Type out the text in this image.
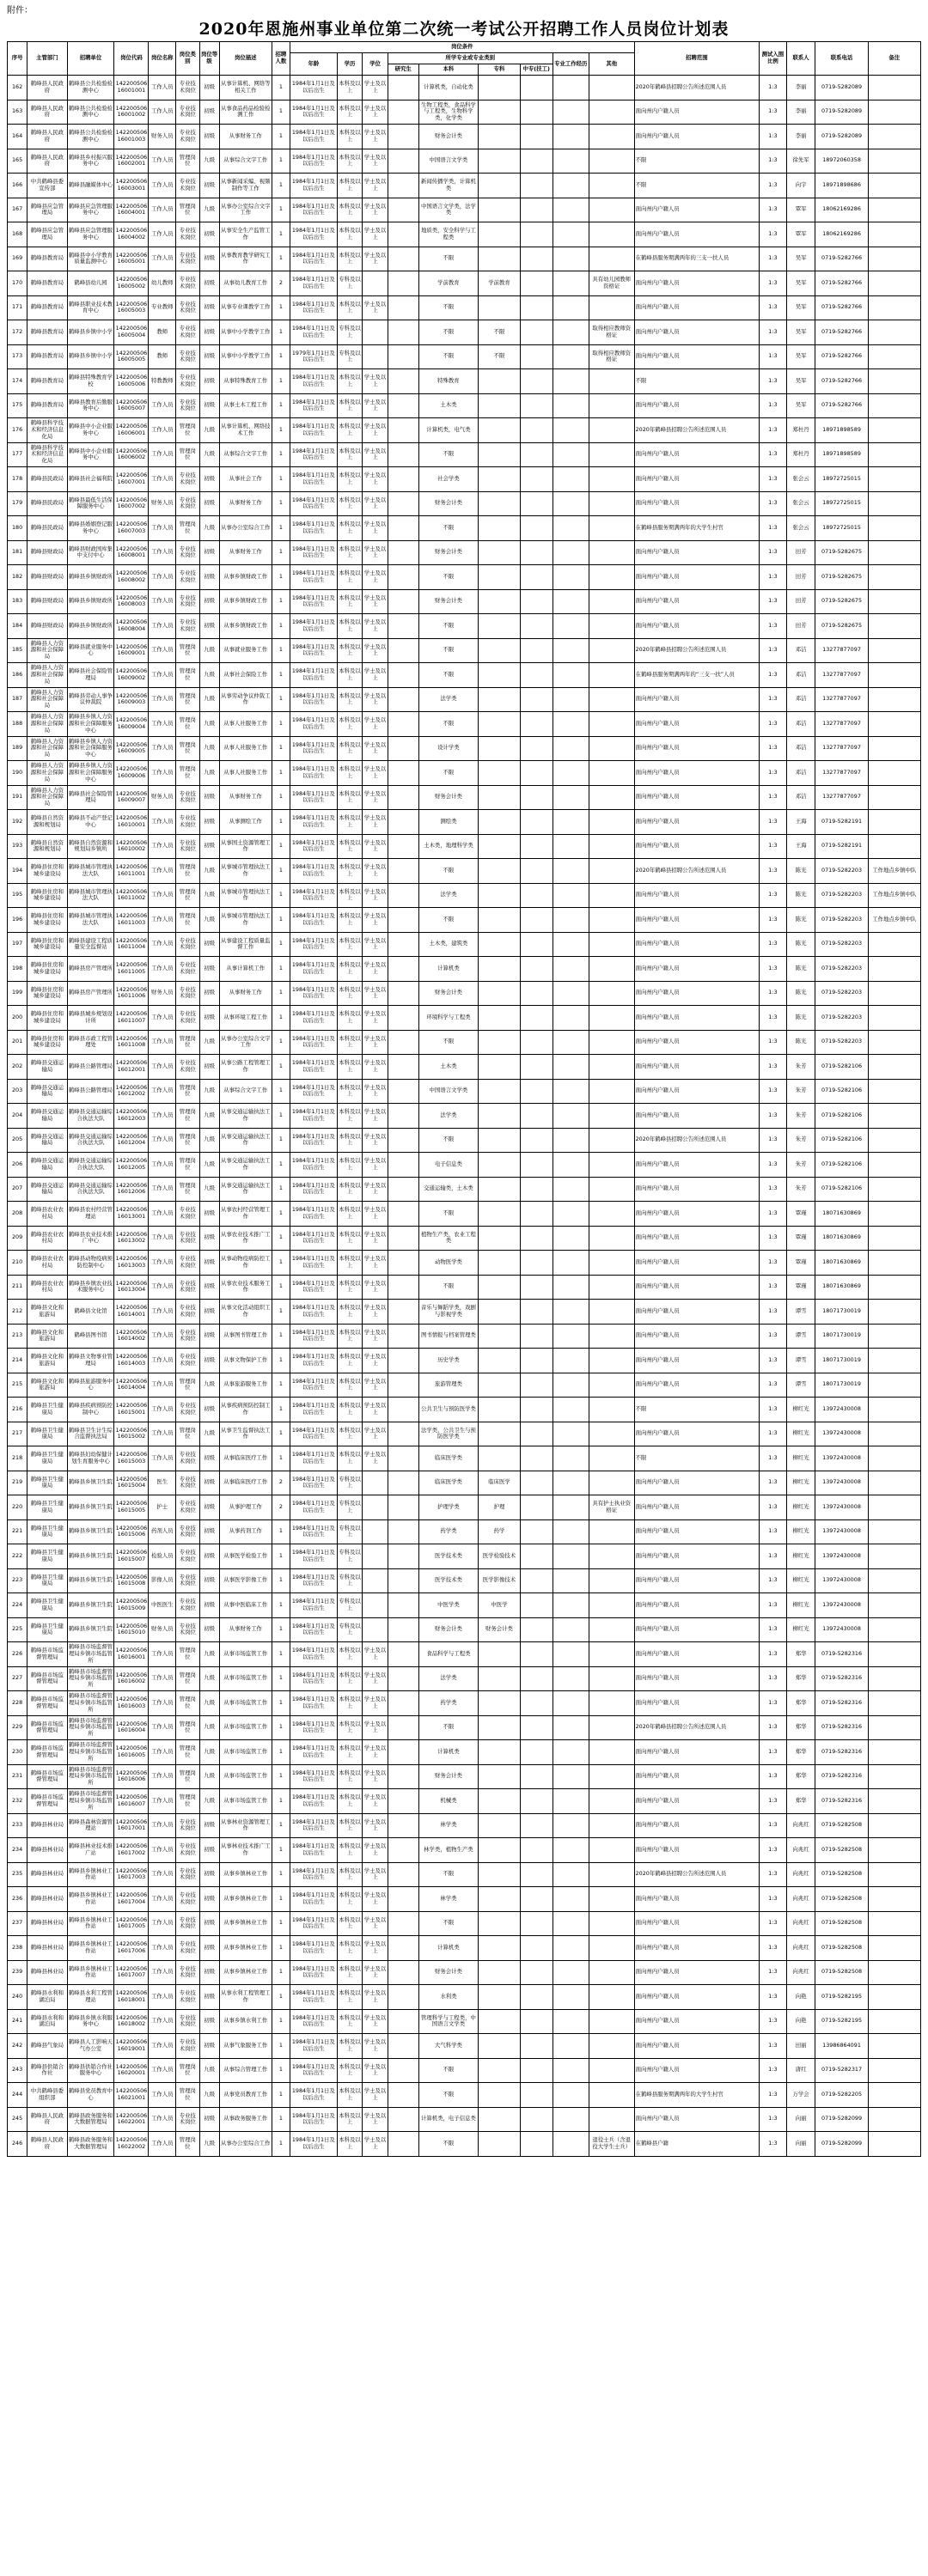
附件：
2020年恩施州事业单位第二次统一考试公开招聘工作人员岗位计划表
序号	主管部门	招聘单位	岗位代码	岗位名称	岗位类别	岗位等级	岗位描述	招聘人数	岗位条件									招聘范围	测试入围比例	联系人	联系电话	备注
									年龄	学历	学位	所学专业或专业类别				专业工作经历	其他					
												研究生	本科	专科	中专(技工)							
162	鹤峰县人民政府	鹤峰县公共检验检测中心	14220050616001001	工作人员	专业技术岗位	初级	从事计算机、网络等相关工作	1	1984年1月1日及以后出生	本科及以上	学士及以上		计算机类，自动化类					2020年鹤峰县招聘公告所述范围人员	1:3	李丽	0719-5282089	
163	鹤峰县人民政府	鹤峰县公共检验检测中心	14220050616001002	工作人员	专业技术岗位	初级	从事食品药品检验检测工作	1	1984年1月1日及以后出生	本科及以上	学士及以上		生物工程类，食品科学与工程类，生物科学类，化学类					面向州内户籍人员	1:3	李丽	0719-5282089	
164	鹤峰县人民政府	鹤峰县公共检验检测中心	14220050616001003	财务人员	专业技术岗位	初级	从事财务工作	1	1984年1月1日及以后出生	本科及以上	学士及以上		财务会计类					面向州内户籍人员	1:3	李丽	0719-5282089	
165	鹤峰县人民政府	鹤峰县乡村振兴服务中心	14220050616002001	工作人员	管理岗位	九级	从事综合文字工作	1	1984年1月1日及以后出生	本科及以上	学士及以上		中国语言文学类					不限	1:3	徐先军	18972060358	
166	中共鹤峰县委宣传部	鹤峰县融媒体中心	14220050616003001	工作人员	专业技术岗位	初级	从事新闻采编、视频制作等工作	1	1984年1月1日及以后出生	本科及以上	学士及以上		新闻传播学类，计算机类					不限	1:3	向宇	18971898686	
167	鹤峰县应急管理局	鹤峰县应急管理服务中心	14220050616004001	工作人员	管理岗位	九级	从事办公室综合文字工作	1	1984年1月1日及以后出生	本科及以上	学士及以上		中国语言文学类，法学类					面向州内户籍人员	1:3	覃军	18062169286	
168	鹤峰县应急管理局	鹤峰县应急管理服务中心	14220050616004002	工作人员	专业技术岗位	初级	从事安全生产监管工作	1	1984年1月1日及以后出生	本科及以上	学士及以上		地质类，安全科学与工程类					面向州内户籍人员	1:3	覃军	18062169286	
169	鹤峰县教育局	鹤峰县中小学教育质量监测中心	14220050616005001	工作人员	专业技术岗位	初级	从事教育教学研究工作	1	1984年1月1日及以后出生	本科及以上	学士及以上		不限					在鹤峰县服务期满两年的三支一扶人员	1:3	吴军	0719-5282766	
170	鹤峰县教育局	鹤峰县幼儿园	14220050616005002	幼儿教师	专业技术岗位	初级	从事幼儿教育工作	2	1984年1月1日及以后出生	专科及以上			学前教育	学前教育			具有幼儿园教师资格证	面向州内户籍人员	1:3	吴军	0719-5282766	
171	鹤峰县教育局	鹤峰县职业技术教育中心	14220050616005003	专业教师	专业技术岗位	初级	从事专业课教学工作	1	1984年1月1日及以后出生	本科及以上	学士及以上		不限					面向州内户籍人员	1:3	吴军	0719-5282766	
172	鹤峰县教育局	鹤峰县乡镇中小学	14220050616005004	教师	专业技术岗位	初级	从事中小学教学工作	1	1984年1月1日及以后出生	专科及以上			不限	不限			取得相应教师资格证	面向州内户籍人员	1:3	吴军	0719-5282766	
173	鹤峰县教育局	鹤峰县乡镇中小学	14220050616005005	教师	专业技术岗位	初级	从事中小学教学工作	1	1979年1月1日及以后出生	专科及以上			不限	不限			取得相应教师资格证	面向州内户籍人员	1:3	吴军	0719-5282766	
174	鹤峰县教育局	鹤峰县特殊教育学校	14220050616005006	特教教师	专业技术岗位	初级	从事特殊教育工作	1	1984年1月1日及以后出生	本科及以上	学士及以上		特殊教育					不限	1:3	吴军	0719-5282766	
175	鹤峰县教育局	鹤峰县教育后勤服务中心	14220050616005007	工作人员	专业技术岗位	初级	从事土木工程工作	1	1984年1月1日及以后出生	本科及以上	学士及以上		土木类					面向州内户籍人员	1:3	吴军	0719-5282766	
176	鹤峰县科学技术和经济信息化局	鹤峰县中小企业服务中心	14220050616006001	工作人员	管理岗位	九级	从事计算机、网络技术工作	1	1984年1月1日及以后出生	本科及以上	学士及以上		计算机类，电气类					2020年鹤峰县招聘公告所述范围人员	1:3	郑杜丹	18971898589	
177	鹤峰县科学技术和经济信息化局	鹤峰县中小企业服务中心	14220050616006002	工作人员	管理岗位	九级	从事综合文字工作	1	1984年1月1日及以后出生	本科及以上	学士及以上		不限					面向州内户籍人员	1:3	郑杜丹	18971898589	
178	鹤峰县民政局	鹤峰县社会福利院	14220050616007001	工作人员	专业技术岗位	初级	从事社会工作	1	1984年1月1日及以后出生	本科及以上	学士及以上		社会学类					面向州内户籍人员	1:3	张会云	18972725015	
179	鹤峰县民政局	鹤峰县最低生活保障服务中心	14220050616007002	财务人员	专业技术岗位	初级	从事财务工作	1	1984年1月1日及以后出生	本科及以上	学士及以上		财务会计类					面向州内户籍人员	1:3	张会云	18972725015	
180	鹤峰县民政局	鹤峰县婚姻登记服务中心	14220050616007003	工作人员	管理岗位	九级	从事办公室综合工作	1	1984年1月1日及以后出生	本科及以上	学士及以上		不限					在鹤峰县服务期满两年的大学生村官	1:3	张会云	18972725015	
181	鹤峰县财政局	鹤峰县财政国库集中支付中心	14220050616008001	工作人员	专业技术岗位	初级	从事财务工作	1	1984年1月1日及以后出生	本科及以上	学士及以上		财务会计类					面向州内户籍人员	1:3	田芳	0719-5282675	
182	鹤峰县财政局	鹤峰县乡镇财政所	14220050616008002	工作人员	专业技术岗位	初级	从事乡镇财政工作	1	1984年1月1日及以后出生	本科及以上	学士及以上		不限					面向州内户籍人员	1:3	田芳	0719-5282675	
183	鹤峰县财政局	鹤峰县乡镇财政所	14220050616008003	工作人员	专业技术岗位	初级	从事乡镇财政工作	1	1984年1月1日及以后出生	本科及以上	学士及以上		财务会计类					面向州内户籍人员	1:3	田芳	0719-5282675	
184	鹤峰县财政局	鹤峰县乡镇财政所	14220050616008004	工作人员	专业技术岗位	初级	从事乡镇财政工作	1	1984年1月1日及以后出生	本科及以上	学士及以上		不限					面向州内户籍人员	1:3	田芳	0719-5282675	
185	鹤峰县人力资源和社会保障局	鹤峰县就业服务中心	14220050616009001	工作人员	管理岗位	九级	从事就业服务工作	1	1984年1月1日及以后出生	本科及以上	学士及以上		不限					2020年鹤峰县招聘公告所述范围人员	1:3	邓洁	13277877097	
186	鹤峰县人力资源和社会保障局	鹤峰县社会保险管理局	14220050616009002	工作人员	管理岗位	九级	从事社会保险工作	1	1984年1月1日及以后出生	本科及以上	学士及以上		不限					在鹤峰县服务期满两年的“三支一扶”人员	1:3	邓洁	13277877097	
187	鹤峰县人力资源和社会保障局	鹤峰县劳动人事争议仲裁院	14220050616009003	工作人员	管理岗位	九级	从事劳动争议仲裁工作	1	1984年1月1日及以后出生	本科及以上	学士及以上		法学类					面向州内户籍人员	1:3	邓洁	13277877097	
188	鹤峰县人力资源和社会保障局	鹤峰县乡镇人力资源和社会保障服务中心	14220050616009004	工作人员	管理岗位	九级	从事人社服务工作	1	1984年1月1日及以后出生	本科及以上	学士及以上		不限					面向州内户籍人员	1:3	邓洁	13277877097	
189	鹤峰县人力资源和社会保障局	鹤峰县乡镇人力资源和社会保障服务中心	14220050616009005	工作人员	管理岗位	九级	从事人社服务工作	1	1984年1月1日及以后出生	本科及以上	学士及以上		设计学类					面向州内户籍人员	1:3	邓洁	13277877097	
190	鹤峰县人力资源和社会保障局	鹤峰县乡镇人力资源和社会保障服务中心	14220050616009006	工作人员	管理岗位	九级	从事人社服务工作	1	1984年1月1日及以后出生	本科及以上	学士及以上		不限					面向州内户籍人员	1:3	邓洁	13277877097	
191	鹤峰县人力资源和社会保障局	鹤峰县社会保险管理局	14220050616009007	财务人员	专业技术岗位	初级	从事财务工作	1	1984年1月1日及以后出生	本科及以上	学士及以上		财务会计类					面向州内户籍人员	1:3	邓洁	13277877097	
192	鹤峰县自然资源和规划局	鹤峰县不动产登记中心	14220050616010001	工作人员	专业技术岗位	初级	从事测绘工作	1	1984年1月1日及以后出生	本科及以上	学士及以上		测绘类					面向州内户籍人员	1:3	王海	0719-5282191	
193	鹤峰县自然资源和规划局	鹤峰县自然资源和规划局乡镇所	14220050616010002	工作人员	专业技术岗位	初级	从事国土资源管理工作	1	1984年1月1日及以后出生	本科及以上	学士及以上		土木类，地理科学类					面向州内户籍人员	1:3	王海	0719-5282191	
194	鹤峰县住房和城乡建设局	鹤峰县城市管理执法大队	14220050616011001	工作人员	管理岗位	九级	从事城市管理执法工作	1	1984年1月1日及以后出生	本科及以上	学士及以上		不限					2020年鹤峰县招聘公告所述范围人员	1:3	陈光	0719-5282203	工作地点乡镇中队
195	鹤峰县住房和城乡建设局	鹤峰县城市管理执法大队	14220050616011002	工作人员	管理岗位	九级	从事城市管理执法工作	1	1984年1月1日及以后出生	本科及以上	学士及以上		法学类					面向州内户籍人员	1:3	陈光	0719-5282203	工作地点乡镇中队
196	鹤峰县住房和城乡建设局	鹤峰县城市管理执法大队	14220050616011003	工作人员	管理岗位	九级	从事城市管理执法工作	1	1984年1月1日及以后出生	本科及以上	学士及以上		不限					面向州内户籍人员	1:3	陈光	0719-5282203	工作地点乡镇中队
197	鹤峰县住房和城乡建设局	鹤峰县建设工程质量安全监督站	14220050616011004	工作人员	专业技术岗位	初级	从事建设工程质量监督工作	1	1984年1月1日及以后出生	本科及以上	学士及以上		土木类，建筑类					面向州内户籍人员	1:3	陈光	0719-5282203	
198	鹤峰县住房和城乡建设局	鹤峰县房产管理所	14220050616011005	工作人员	专业技术岗位	初级	从事计算机工作	1	1984年1月1日及以后出生	本科及以上	学士及以上		计算机类					面向州内户籍人员	1:3	陈光	0719-5282203	
199	鹤峰县住房和城乡建设局	鹤峰县房产管理所	14220050616011006	财务人员	专业技术岗位	初级	从事财务工作	1	1984年1月1日及以后出生	本科及以上	学士及以上		财务会计类					面向州内户籍人员	1:3	陈光	0719-5282203	
200	鹤峰县住房和城乡建设局	鹤峰县城乡规划设计所	14220050616011007	工作人员	专业技术岗位	初级	从事环境工程工作	1	1984年1月1日及以后出生	本科及以上	学士及以上		环境科学与工程类					面向州内户籍人员	1:3	陈光	0719-5282203	
201	鹤峰县住房和城乡建设局	鹤峰县市政工程管理处	14220050616011008	工作人员	管理岗位	九级	从事办公室综合文字工作	1	1984年1月1日及以后出生	本科及以上	学士及以上		不限					面向州内户籍人员	1:3	陈光	0719-5282203	
202	鹤峰县交通运输局	鹤峰县公路管理局	14220050616012001	工作人员	专业技术岗位	初级	从事公路工程管理工作	1	1984年1月1日及以后出生	本科及以上	学士及以上		土木类					面向州内户籍人员	1:3	朱芳	0719-5282106	
203	鹤峰县交通运输局	鹤峰县公路管理局	14220050616012002	工作人员	管理岗位	九级	从事综合文字工作	1	1984年1月1日及以后出生	本科及以上	学士及以上		中国语言文学类					面向州内户籍人员	1:3	朱芳	0719-5282106	
204	鹤峰县交通运输局	鹤峰县交通运输综合执法大队	14220050616012003	工作人员	管理岗位	九级	从事交通运输执法工作	1	1984年1月1日及以后出生	本科及以上	学士及以上		法学类					面向州内户籍人员	1:3	朱芳	0719-5282106	
205	鹤峰县交通运输局	鹤峰县交通运输综合执法大队	14220050616012004	工作人员	管理岗位	九级	从事交通运输执法工作	1	1984年1月1日及以后出生	本科及以上	学士及以上		不限					2020年鹤峰县招聘公告所述范围人员	1:3	朱芳	0719-5282106	
206	鹤峰县交通运输局	鹤峰县交通运输综合执法大队	14220050616012005	工作人员	管理岗位	九级	从事交通运输执法工作	1	1984年1月1日及以后出生	本科及以上	学士及以上		电子信息类					面向州内户籍人员	1:3	朱芳	0719-5282106	
207	鹤峰县交通运输局	鹤峰县交通运输综合执法大队	14220050616012006	工作人员	管理岗位	九级	从事交通运输执法工作	1	1984年1月1日及以后出生	本科及以上	学士及以上		交通运输类，土木类					面向州内户籍人员	1:3	朱芳	0719-5282106	
208	鹤峰县农业农村局	鹤峰县农村经营管理站	14220050616013001	工作人员	专业技术岗位	初级	从事农村经营管理工作	1	1984年1月1日及以后出生	本科及以上	学士及以上		不限					面向州内户籍人员	1:3	覃瑾	18071630869	
209	鹤峰县农业农村局	鹤峰县农业技术推广中心	14220050616013002	工作人员	专业技术岗位	初级	从事农业技术推广工作	1	1984年1月1日及以后出生	本科及以上	学士及以上		植物生产类，农业工程类					面向州内户籍人员	1:3	覃瑾	18071630869	
210	鹤峰县农业农村局	鹤峰县动物疫病预防控制中心	14220050616013003	工作人员	专业技术岗位	初级	从事动物疫病防控工作	1	1984年1月1日及以后出生	本科及以上	学士及以上		动物医学类					面向州内户籍人员	1:3	覃瑾	18071630869	
211	鹤峰县农业农村局	鹤峰县乡镇农业技术服务中心	14220050616013004	工作人员	专业技术岗位	初级	从事农业技术服务工作	1	1984年1月1日及以后出生	本科及以上	学士及以上		不限					面向州内户籍人员	1:3	覃瑾	18071630869	
212	鹤峰县文化和旅游局	鹤峰县文化馆	14220050616014001	工作人员	专业技术岗位	初级	从事文化活动组织工作	1	1984年1月1日及以后出生	本科及以上	学士及以上		音乐与舞蹈学类，戏剧与影视学类					面向州内户籍人员	1:3	谭雪	18071730019	
213	鹤峰县文化和旅游局	鹤峰县图书馆	14220050616014002	工作人员	专业技术岗位	初级	从事图书管理工作	1	1984年1月1日及以后出生	本科及以上	学士及以上		图书情报与档案管理类					面向州内户籍人员	1:3	谭雪	18071730019	
214	鹤峰县文化和旅游局	鹤峰县文物事业管理局	14220050616014003	工作人员	专业技术岗位	初级	从事文物保护工作	1	1984年1月1日及以后出生	本科及以上	学士及以上		历史学类					面向州内户籍人员	1:3	谭雪	18071730019	
215	鹤峰县文化和旅游局	鹤峰县旅游服务中心	14220050616014004	工作人员	管理岗位	九级	从事旅游服务工作	1	1984年1月1日及以后出生	本科及以上	学士及以上		旅游管理类					面向州内户籍人员	1:3	谭雪	18071730019	
216	鹤峰县卫生健康局	鹤峰县疾病预防控制中心	14220050616015001	工作人员	专业技术岗位	初级	从事疾病预防控制工作	1	1984年1月1日及以后出生	本科及以上	学士及以上		公共卫生与预防医学类					不限	1:3	柳红光	13972430008	
217	鹤峰县卫生健康局	鹤峰县卫生计生综合监督执法局	14220050616015002	工作人员	管理岗位	九级	从事卫生监督执法工作	1	1984年1月1日及以后出生	本科及以上	学士及以上		法学类，公共卫生与预防医学类					面向州内户籍人员	1:3	柳红光	13972430008	
218	鹤峰县卫生健康局	鹤峰县妇幼保健计划生育服务中心	14220050616015003	工作人员	专业技术岗位	初级	从事临床医疗工作	1	1984年1月1日及以后出生	本科及以上	学士及以上		临床医学类					不限	1:3	柳红光	13972430008	
219	鹤峰县卫生健康局	鹤峰县乡镇卫生院	14220050616015004	医生	专业技术岗位	初级	从事临床医疗工作	2	1984年1月1日及以后出生	专科及以上			临床医学类	临床医学				面向州内户籍人员	1:3	柳红光	13972430008	
220	鹤峰县卫生健康局	鹤峰县乡镇卫生院	14220050616015005	护士	专业技术岗位	初级	从事护理工作	2	1984年1月1日及以后出生	专科及以上			护理学类	护理			具有护士执业资格证	面向州内户籍人员	1:3	柳红光	13972430008	
221	鹤峰县卫生健康局	鹤峰县乡镇卫生院	14220050616015006	药剂人员	专业技术岗位	初级	从事药剂工作	1	1984年1月1日及以后出生	专科及以上			药学类	药学				面向州内户籍人员	1:3	柳红光	13972430008	
222	鹤峰县卫生健康局	鹤峰县乡镇卫生院	14220050616015007	检验人员	专业技术岗位	初级	从事医学检验工作	1	1984年1月1日及以后出生	专科及以上			医学技术类	医学检验技术				面向州内户籍人员	1:3	柳红光	13972430008	
223	鹤峰县卫生健康局	鹤峰县乡镇卫生院	14220050616015008	影像人员	专业技术岗位	初级	从事医学影像工作	1	1984年1月1日及以后出生	专科及以上			医学技术类	医学影像技术				面向州内户籍人员	1:3	柳红光	13972430008	
224	鹤峰县卫生健康局	鹤峰县乡镇卫生院	14220050616015009	中医医生	专业技术岗位	初级	从事中医临床工作	1	1984年1月1日及以后出生	专科及以上			中医学类	中医学				面向州内户籍人员	1:3	柳红光	13972430008	
225	鹤峰县卫生健康局	鹤峰县乡镇卫生院	14220050616015010	财务人员	专业技术岗位	初级	从事财务工作	1	1984年1月1日及以后出生	专科及以上			财务会计类	财务会计类				面向州内户籍人员	1:3	柳红光	13972430008	
226	鹤峰县市场监督管理局	鹤峰县市场监督管理局乡镇市场监管所	14220050616016001	工作人员	管理岗位	九级	从事市场监管工作	1	1984年1月1日及以后出生	本科及以上	学士及以上		食品科学与工程类					面向州内户籍人员	1:3	郑华	0719-5282316	
227	鹤峰县市场监督管理局	鹤峰县市场监督管理局乡镇市场监管所	14220050616016002	工作人员	管理岗位	九级	从事市场监管工作	1	1984年1月1日及以后出生	本科及以上	学士及以上		法学类					面向州内户籍人员	1:3	郑华	0719-5282316	
228	鹤峰县市场监督管理局	鹤峰县市场监督管理局乡镇市场监管所	14220050616016003	工作人员	管理岗位	九级	从事市场监管工作	1	1984年1月1日及以后出生	本科及以上	学士及以上		药学类					面向州内户籍人员	1:3	郑华	0719-5282316	
229	鹤峰县市场监督管理局	鹤峰县市场监督管理局乡镇市场监管所	14220050616016004	工作人员	管理岗位	九级	从事市场监管工作	1	1984年1月1日及以后出生	本科及以上	学士及以上		不限					2020年鹤峰县招聘公告所述范围人员	1:3	郑华	0719-5282316	
230	鹤峰县市场监督管理局	鹤峰县市场监督管理局乡镇市场监管所	14220050616016005	工作人员	管理岗位	九级	从事市场监管工作	1	1984年1月1日及以后出生	本科及以上	学士及以上		计算机类					面向州内户籍人员	1:3	郑华	0719-5282316	
231	鹤峰县市场监督管理局	鹤峰县市场监督管理局乡镇市场监管所	14220050616016006	工作人员	管理岗位	九级	从事市场监管工作	1	1984年1月1日及以后出生	本科及以上	学士及以上		财务会计类					面向州内户籍人员	1:3	郑华	0719-5282316	
232	鹤峰县市场监督管理局	鹤峰县市场监督管理局乡镇市场监管所	14220050616016007	工作人员	管理岗位	九级	从事市场监管工作	1	1984年1月1日及以后出生	本科及以上	学士及以上		机械类					面向州内户籍人员	1:3	郑华	0719-5282316	
233	鹤峰县林业局	鹤峰县森林资源管理站	14220050616017001	工作人员	专业技术岗位	初级	从事林业资源管理工作	1	1984年1月1日及以后出生	本科及以上	学士及以上		林学类					面向州内户籍人员	1:3	向兆红	0719-5282508	
234	鹤峰县林业局	鹤峰县林业技术推广站	14220050616017002	工作人员	专业技术岗位	初级	从事林业技术推广工作	1	1984年1月1日及以后出生	本科及以上	学士及以上		林学类，植物生产类					面向州内户籍人员	1:3	向兆红	0719-5282508	
235	鹤峰县林业局	鹤峰县乡镇林业工作站	14220050616017003	工作人员	专业技术岗位	初级	从事乡镇林业工作	1	1984年1月1日及以后出生	本科及以上	学士及以上		不限					2020年鹤峰县招聘公告所述范围人员	1:3	向兆红	0719-5282508	
236	鹤峰县林业局	鹤峰县乡镇林业工作站	14220050616017004	工作人员	专业技术岗位	初级	从事乡镇林业工作	1	1984年1月1日及以后出生	本科及以上	学士及以上		林学类					面向州内户籍人员	1:3	向兆红	0719-5282508	
237	鹤峰县林业局	鹤峰县乡镇林业工作站	14220050616017005	工作人员	专业技术岗位	初级	从事乡镇林业工作	1	1984年1月1日及以后出生	本科及以上	学士及以上		不限					面向州内户籍人员	1:3	向兆红	0719-5282508	
238	鹤峰县林业局	鹤峰县乡镇林业工作站	14220050616017006	工作人员	专业技术岗位	初级	从事乡镇林业工作	1	1984年1月1日及以后出生	本科及以上	学士及以上		计算机类					面向州内户籍人员	1:3	向兆红	0719-5282508	
239	鹤峰县林业局	鹤峰县乡镇林业工作站	14220050616017007	工作人员	专业技术岗位	初级	从事乡镇林业工作	1	1984年1月1日及以后出生	本科及以上	学士及以上		财务会计类					面向州内户籍人员	1:3	向兆红	0719-5282508	
240	鹤峰县水利和湖泊局	鹤峰县水利工程管理站	14220050616018001	工作人员	专业技术岗位	初级	从事水利工程管理工作	1	1984年1月1日及以后出生	本科及以上	学士及以上		水利类					面向州内户籍人员	1:3	向艳	0719-5282195	
241	鹤峰县水利和湖泊局	鹤峰县乡镇水利服务中心	14220050616018002	工作人员	专业技术岗位	初级	从事乡镇水利工作	1	1984年1月1日及以后出生	本科及以上	学士及以上		管理科学与工程类，中国语言文学类					面向州内户籍人员	1:3	向艳	0719-5282195	
242	鹤峰县气象局	鹤峰县人工影响天气办公室	14220050616019001	工作人员	专业技术岗位	初级	从事气象服务工作	1	1984年1月1日及以后出生	本科及以上	学士及以上		大气科学类					面向州内户籍人员	1:3	田丽	13986864091	
243	鹤峰县供销合作社	鹤峰县供销合作社服务中心	14220050616020001	工作人员	管理岗位	九级	从事综合管理工作	1	1984年1月1日及以后出生	本科及以上	学士及以上		不限					面向州内户籍人员	1:3	唐红	0719-5282317	
244	中共鹤峰县委组织部	鹤峰县党员教育中心	14220050616021001	工作人员	管理岗位	九级	从事党员教育工作	1	1984年1月1日及以后出生	本科及以上	学士及以上		不限					在鹤峰县服务期满两年的大学生村官	1:3	万学会	0719-5282205	
245	鹤峰县人民政府	鹤峰县政务服务和大数据管理局	14220050616022001	工作人员	专业技术岗位	初级	从事政务服务工作	1	1984年1月1日及以后出生	本科及以上	学士及以上		计算机类，电子信息类					面向州内户籍人员	1:3	向丽	0719-5282099	
246	鹤峰县人民政府	鹤峰县政务服务和大数据管理局	14220050616022002	工作人员	管理岗位	九级	从事办公室综合工作	1	1984年1月1日及以后出生	本科及以上	学士及以上		不限				退役士兵（含退役大学生士兵）	在鹤峰县户籍	1:3	向丽	0719-5282099	
